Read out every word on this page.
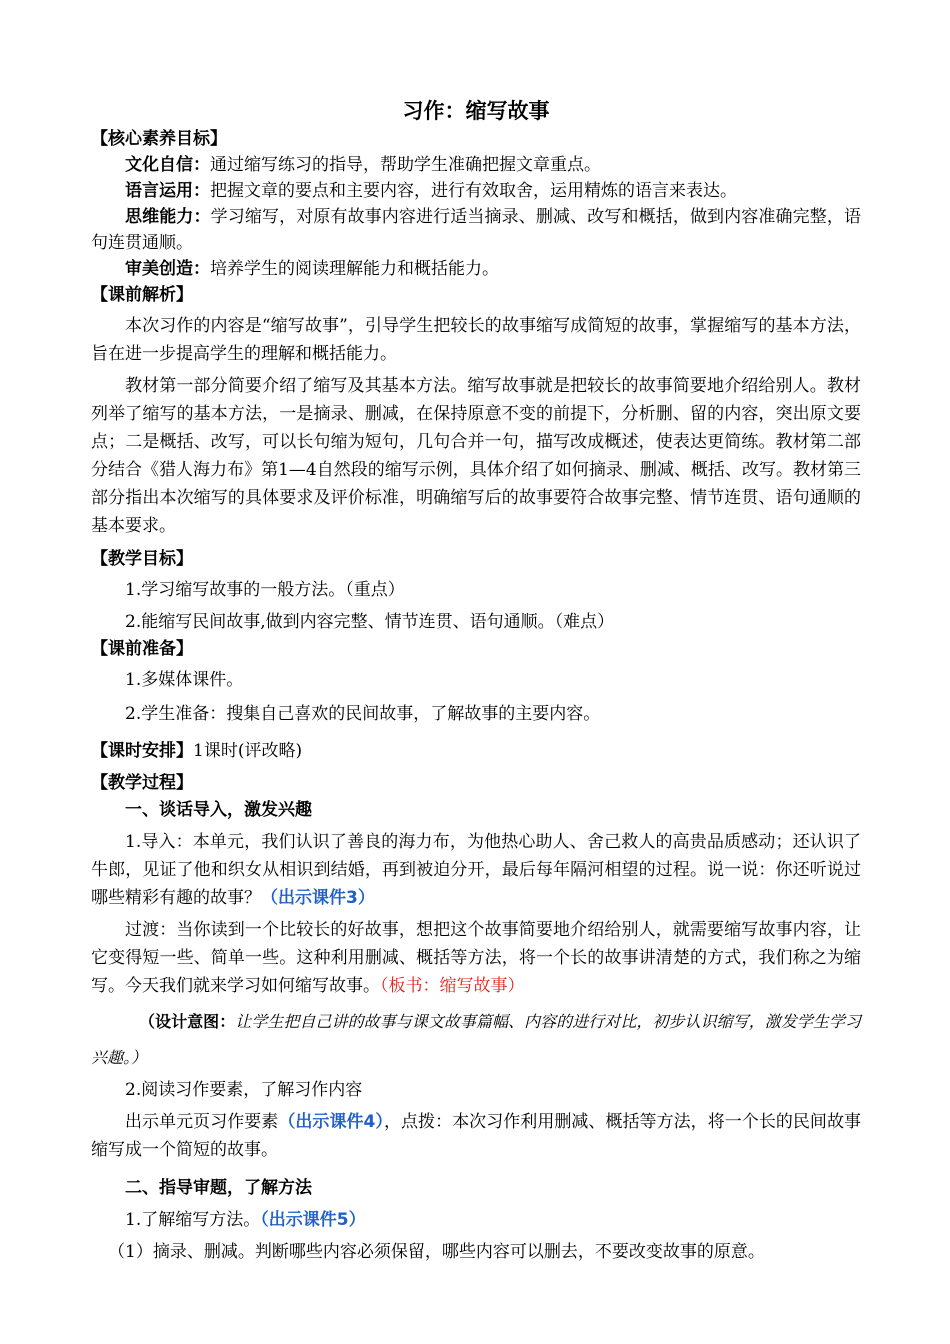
习作：缩写故事
【核心素养目标】

文化自信：通过缩写练习的指导，帮助学生准确把握文章重点。

语言运用：把握文章的要点和主要内容，进行有效取舍，运用精炼的语言来表达。

思维能力：学习缩写，对原有故事内容进行适当摘录、删减、改写和概括，做到内容准确完整，语句连贯通顺。

审美创造：培养学生的阅读理解能力和概括能力。

【课前解析】

本次习作的内容是“缩写故事”，引导学生把较长的故事缩写成简短的故事，掌握缩写的基本方法，旨在进一步提高学生的理解和概括能力。

教材第一部分简要介绍了缩写及其基本方法。缩写故事就是把较长的故事简要地介绍给别人。教材列举了缩写的基本方法，一是摘录、删减，在保持原意不变的前提下，分析删、留的内容，突出原文要点；二是概括、改写，可以长句缩为短句，几句合并一句，描写改成概述，使表达更简练。教材第二部分结合《猎人海力布》第1—4自然段的缩写示例，具体介绍了如何摘录、删减、概括、改写。教材第三部分指出本次缩写的具体要求及评价标准，明确缩写后的故事要符合故事完整、情节连贯、语句通顺的基本要求。

【教学目标】

1.学习缩写故事的一般方法。（重点）

2.能缩写民间故事,做到内容完整、情节连贯、语句通顺。（难点）

【课前准备】

1.多媒体课件。

2.学生准备：搜集自己喜欢的民间故事，了解故事的主要内容。

【课时安排】1课时(评改略)
【教学过程】

一、谈话导入，激发兴趣

1.导入：本单元，我们认识了善良的海力布，为他热心助人、舍己救人的高贵品质感动；还认识了牛郎，见证了他和织女从相识到结婚，再到被迫分开，最后每年隔河相望的过程。说一说：你还听说过哪些精彩有趣的故事？（出示课件3）

过渡：当你读到一个比较长的好故事，想把这个故事简要地介绍给别人，就需要缩写故事内容，让它变得短一些、简单一些。这种利用删减、概括等方法，将一个长的故事讲清楚的方式，我们称之为缩写。今天我们就来学习如何缩写故事。（板书：缩写故事）

（设计意图：让学生把自己讲的故事与课文故事篇幅、内容的进行对比，初步认识缩写，激发学生学习兴趣。）

2.阅读习作要素，了解习作内容

出示单元页习作要素（出示课件4），点拨：本次习作利用删减、概括等方法，将一个长的民间故事缩写成一个简短的故事。

二、指导审题，了解方法

1.了解缩写方法。（出示课件5）

（1）摘录、删减。判断哪些内容必须保留，哪些内容可以删去，不要改变故事的原意。
